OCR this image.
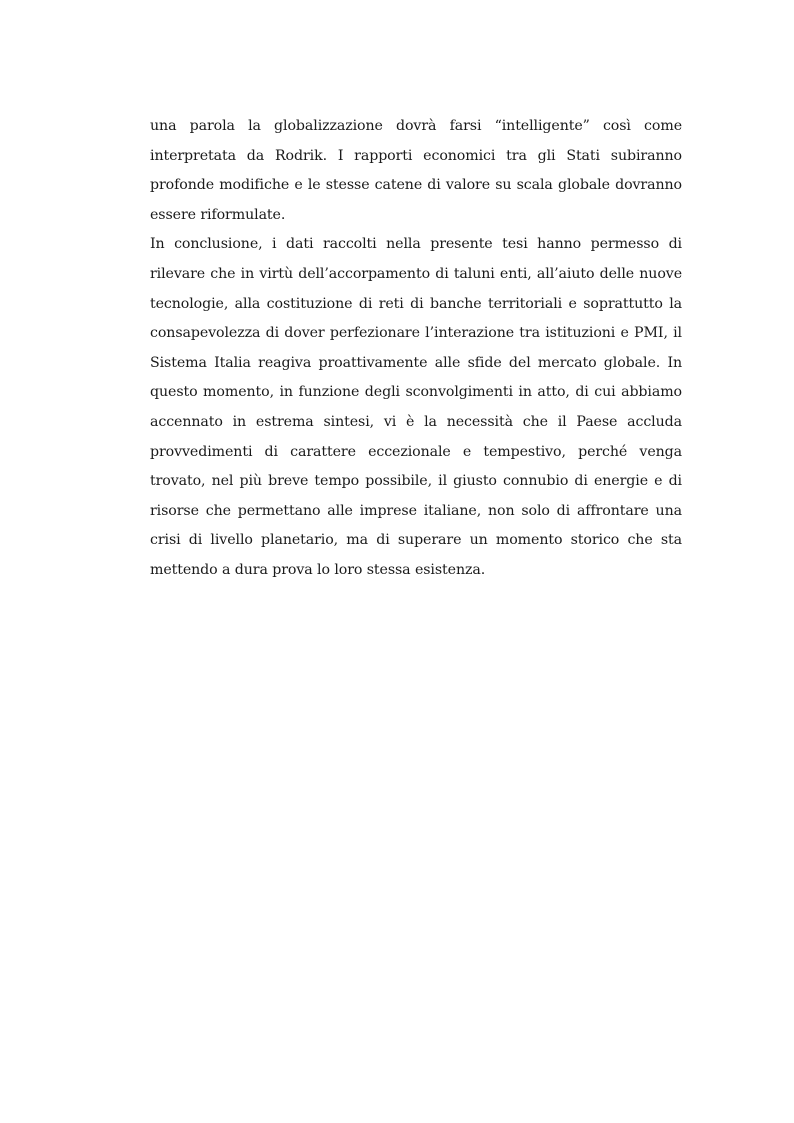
una parola la globalizzazione dovrà farsi “intelligente” così come interpretata da Rodrik. I rapporti economici tra gli Stati subiranno profonde modifiche e le stesse catene di valore su scala globale dovranno essere riformulate.

In conclusione, i dati raccolti nella presente tesi hanno permesso di rilevare che in virtù dell’accorpamento di taluni enti, all’aiuto delle nuove tecnologie, alla costituzione di reti di banche territoriali e soprattutto la consapevolezza di dover perfezionare l’interazione tra istituzioni e PMI, il Sistema Italia reagiva proattivamente alle sfide del mercato globale. In questo momento, in funzione degli sconvolgimenti in atto, di cui abbiamo accennato in estrema sintesi, vi è la necessità che il Paese accluda provvedimenti di carattere eccezionale e tempestivo, perché venga trovato, nel più breve tempo possibile, il giusto connubio di energie e di risorse che permettano alle imprese italiane, non solo di affrontare una crisi di livello planetario, ma di superare un momento storico che sta mettendo a dura prova lo loro stessa esistenza.
